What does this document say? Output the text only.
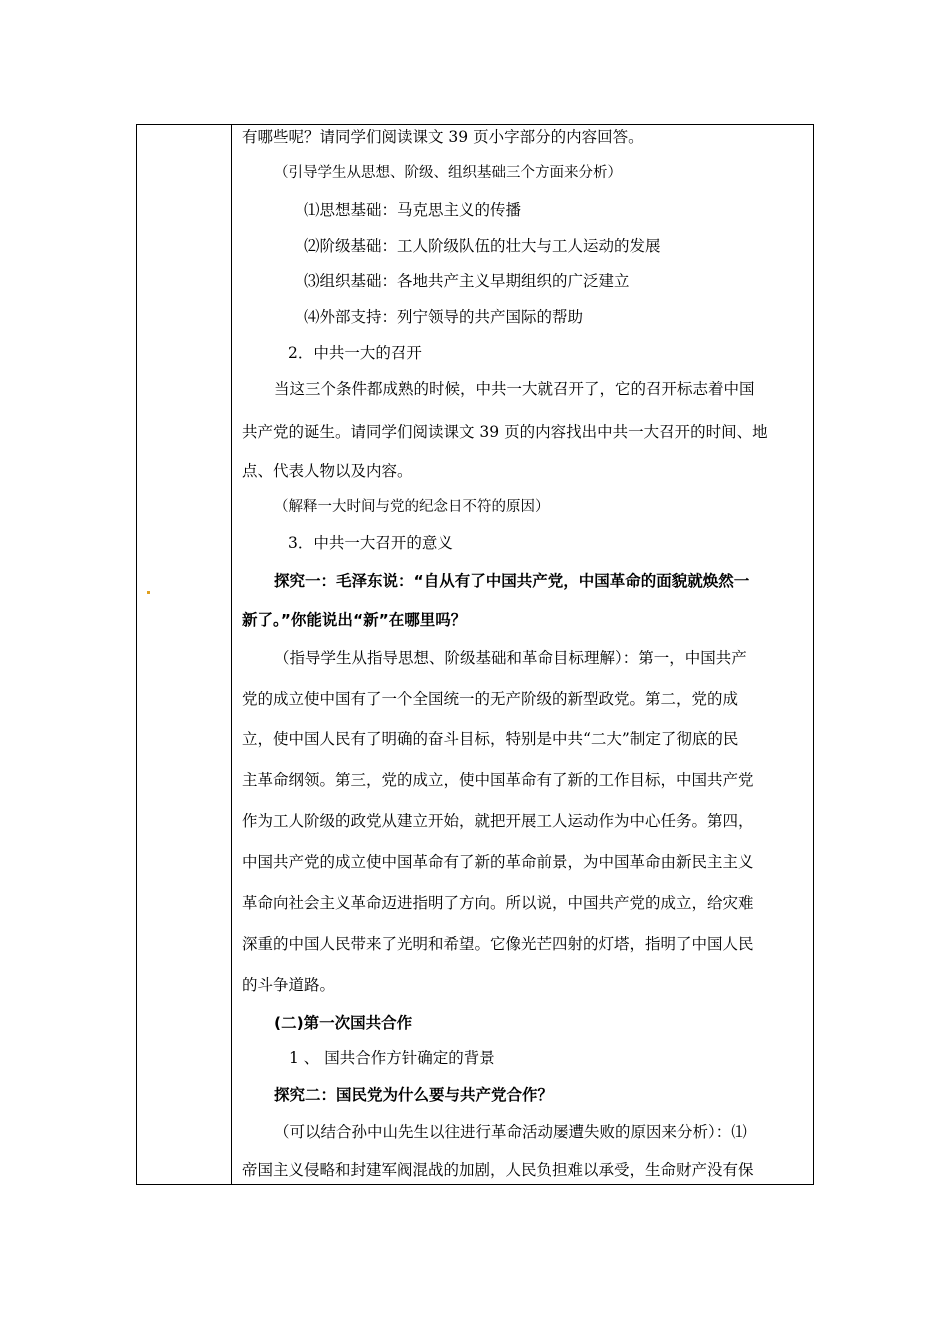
有哪些呢？请同学们阅读课文 39 页小字部分的内容回答。
（引导学生从思想、阶级、组织基础三个方面来分析）
⑴思想基础：马克思主义的传播
⑵阶级基础：工人阶级队伍的壮大与工人运动的发展
⑶组织基础：各地共产主义早期组织的广泛建立
⑷外部支持：列宁领导的共产国际的帮助
2．中共一大的召开
当这三个条件都成熟的时候，中共一大就召开了，它的召开标志着中国
共产党的诞生。请同学们阅读课文 39 页的内容找出中共一大召开的时间、地
点、代表人物以及内容。
（解释一大时间与党的纪念日不符的原因）
3．中共一大召开的意义
探究一：毛泽东说：“自从有了中国共产党，中国革命的面貌就焕然一
新了。”你能说出“新”在哪里吗？
（指导学生从指导思想、阶级基础和革命目标理解）：第一，中国共产
党的成立使中国有了一个全国统一的无产阶级的新型政党。第二，党的成
立，使中国人民有了明确的奋斗目标，特别是中共“二大”制定了彻底的民
主革命纲领。第三，党的成立，使中国革命有了新的工作目标，中国共产党
作为工人阶级的政党从建立开始，就把开展工人运动作为中心任务。第四，
中国共产党的成立使中国革命有了新的革命前景，为中国革命由新民主主义
革命向社会主义革命迈进指明了方向。所以说，中国共产党的成立，给灾难
深重的中国人民带来了光明和希望。它像光芒四射的灯塔，指明了中国人民
的斗争道路。
(二)第一次国共合作
1 、 国共合作方针确定的背景
探究二：国民党为什么要与共产党合作？
（可以结合孙中山先生以往进行革命活动屡遭失败的原因来分析）：⑴
帝国主义侵略和封建军阀混战的加剧，人民负担难以承受，生命财产没有保
